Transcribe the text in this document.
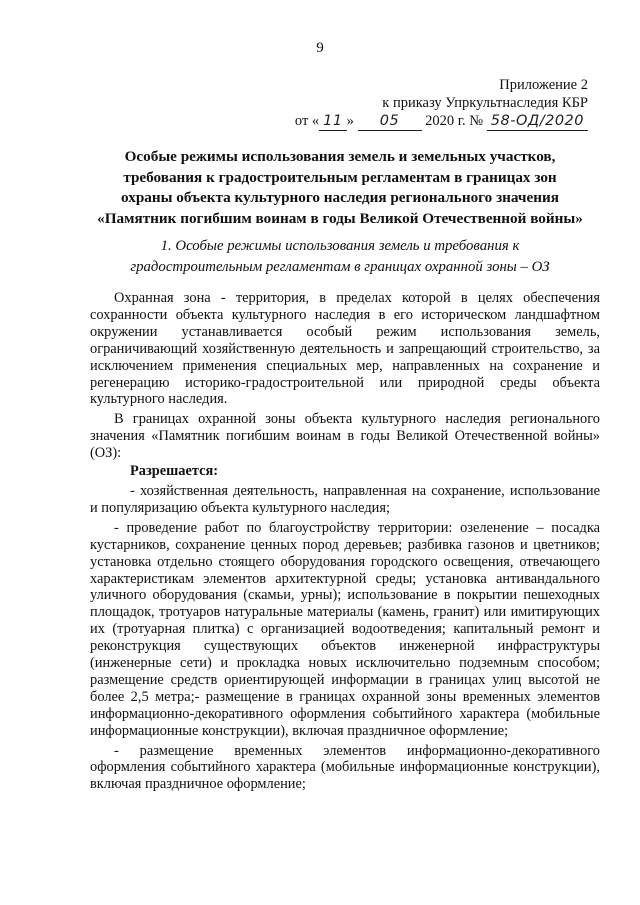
9
Приложение 2
к приказу Упркультнаследия КБР
от « 11 » 05 2020 г. № 58-ОД/2020
Особые режимы использования земель и земельных участков,
требования к градостроительным регламентам в границах зон
охраны объекта культурного наследия регионального значения
«Памятник погибшим воинам в годы Великой Отечественной войны»
1. Особые режимы использования земель и требования к
градостроительным регламентам в границах охранной зоны – ОЗ

Охранная зона - территория, в пределах которой в целях обеспечения сохранности объекта культурного наследия в его историческом ландшафтном окружении устанавливается особый режим использования земель, ограничивающий хозяйственную деятельность и запрещающий строительство, за исключением применения специальных мер, направленных на сохранение и регенерацию историко-градостроительной или природной среды объекта культурного наследия.

В границах охранной зоны объекта культурного наследия регионального значения «Памятник погибшим воинам в годы Великой Отечественной войны» (ОЗ):

Разрешается:

- хозяйственная деятельность, направленная на сохранение, использование и популяризацию объекта культурного наследия;

- проведение работ по благоустройству территории: озеленение – посадка кустарников, сохранение ценных пород деревьев; разбивка газонов и цветников; установка отдельно стоящего оборудования городского освещения, отвечающего характеристикам элементов архитектурной среды; установка антивандального уличного оборудования (скамьи, урны); использование в покрытии пешеходных площадок, тротуаров натуральные материалы (камень, гранит) или имитирующих их (тротуарная плитка) с организацией водоотведения; капитальный ремонт и реконструкция существующих объектов инженерной инфраструктуры (инженерные сети) и прокладка новых исключительно подземным способом; размещение средств ориентирующей информации в границах улиц высотой не более 2,5 метра;- размещение в границах охранной зоны временных элементов информационно-декоративного оформления событийного характера (мобильные информационные конструкции), включая праздничное оформление;

- размещение временных элементов информационно-декоративного оформления событийного характера (мобильные информационные конструкции), включая праздничное оформление;
